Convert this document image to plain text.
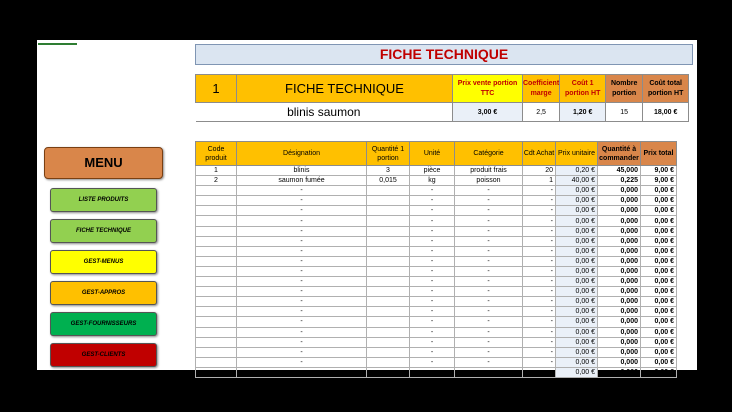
FICHE TECHNIQUE
1	FICHE TECHNIQUE	Prix vente portion TTC	Coefficient marge	Coût 1 portion HT	Nombre portion	Coût total portion HT
blinis saumon		3,00 €	2,5	1,20 €	15	18,00 €
Code produit	Désignation	Quantité 1 portion	Unité	Catégorie	Cdt Achat	Prix unitaire	Quantité à commander	Prix total
1	blinis	3	pièce	produit frais	20	0,20 €	45,000	9,00 €
2	saumon fumée	0,015	kg	poisson	1	40,00 €	0,225	9,00 €
	-		-	-	-	0,00 €	0,000	0,00 €
	-		-	-	-	0,00 €	0,000	0,00 €
	-		-	-	-	0,00 €	0,000	0,00 €
	-		-	-	-	0,00 €	0,000	0,00 €
	-		-	-	-	0,00 €	0,000	0,00 €
	-		-	-	-	0,00 €	0,000	0,00 €
	-		-	-	-	0,00 €	0,000	0,00 €
	-		-	-	-	0,00 €	0,000	0,00 €
	-		-	-	-	0,00 €	0,000	0,00 €
	-		-	-	-	0,00 €	0,000	0,00 €
	-		-	-	-	0,00 €	0,000	0,00 €
	-		-	-	-	0,00 €	0,000	0,00 €
	-		-	-	-	0,00 €	0,000	0,00 €
	-		-	-	-	0,00 €	0,000	0,00 €
	-		-	-	-	0,00 €	0,000	0,00 €
	-		-	-	-	0,00 €	0,000	0,00 €
	-		-	-	-	0,00 €	0,000	0,00 €
	-		-	-	-	0,00 €	0,000	0,00 €
	-		-	-	-	0,00 €	0,000	0,00 €
MENU
LISTE PRODUITS
FICHE TECHNIQUE
GEST-MENUS
GEST-APPROS
GEST-FOURNISSEURS
GEST-CLIENTS
